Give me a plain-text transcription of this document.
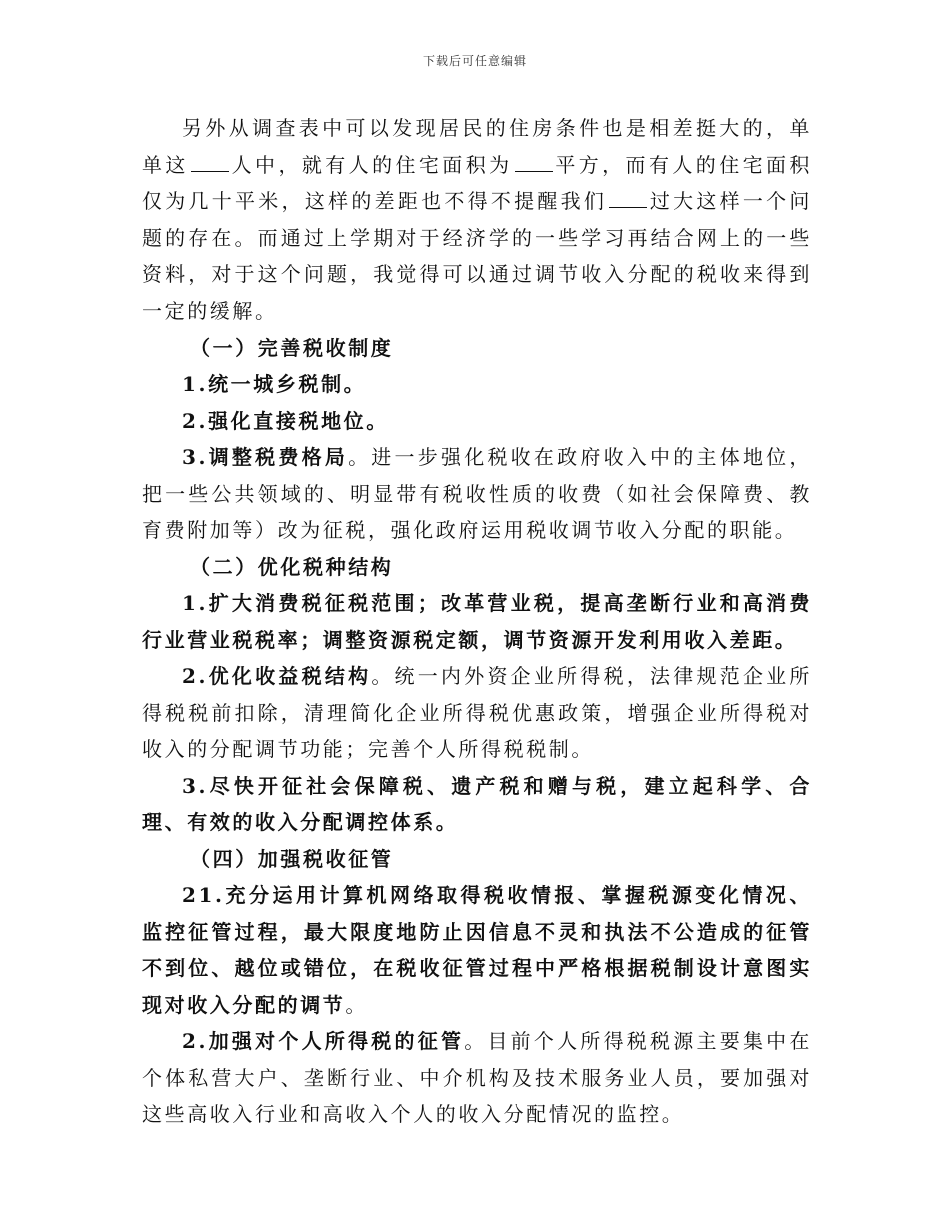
下载后可任意编辑

另外从调查表中可以发现居民的住房条件也是相差挺大的，单单这 人中，就有人的住宅面积为 平方，而有人的住宅面积仅为几十平米，这样的差距也不得不提醒我们 过大这样一个问题的存在。而通过上学期对于经济学的一些学习再结合网上的一些资料，对于这个问题，我觉得可以通过调节收入分配的税收来得到一定的缓解。

（一）完善税收制度

1.统一城乡税制。

2.强化直接税地位。

3.调整税费格局。进一步强化税收在政府收入中的主体地位，把一些公共领域的、明显带有税收性质的收费（如社会保障费、教育费附加等）改为征税，强化政府运用税收调节收入分配的职能。

（二）优化税种结构

1.扩大消费税征税范围；改革营业税，提高垄断行业和高消费行业营业税税率；调整资源税定额，调节资源开发利用收入差距。

2.优化收益税结构。统一内外资企业所得税，法律规范企业所得税税前扣除，清理简化企业所得税优惠政策，增强企业所得税对收入的分配调节功能；完善个人所得税税制。

3.尽快开征社会保障税、遗产税和赠与税，建立起科学、合理、有效的收入分配调控体系。

（四）加强税收征管

21.充分运用计算机网络取得税收情报、掌握税源变化情况、监控征管过程，最大限度地防止因信息不灵和执法不公造成的征管不到位、越位或错位，在税收征管过程中严格根据税制设计意图实现对收入分配的调节。

2.加强对个人所得税的征管。目前个人所得税税源主要集中在个体私营大户、垄断行业、中介机构及技术服务业人员，要加强对这些高收入行业和高收入个人的收入分配情况的监控。
